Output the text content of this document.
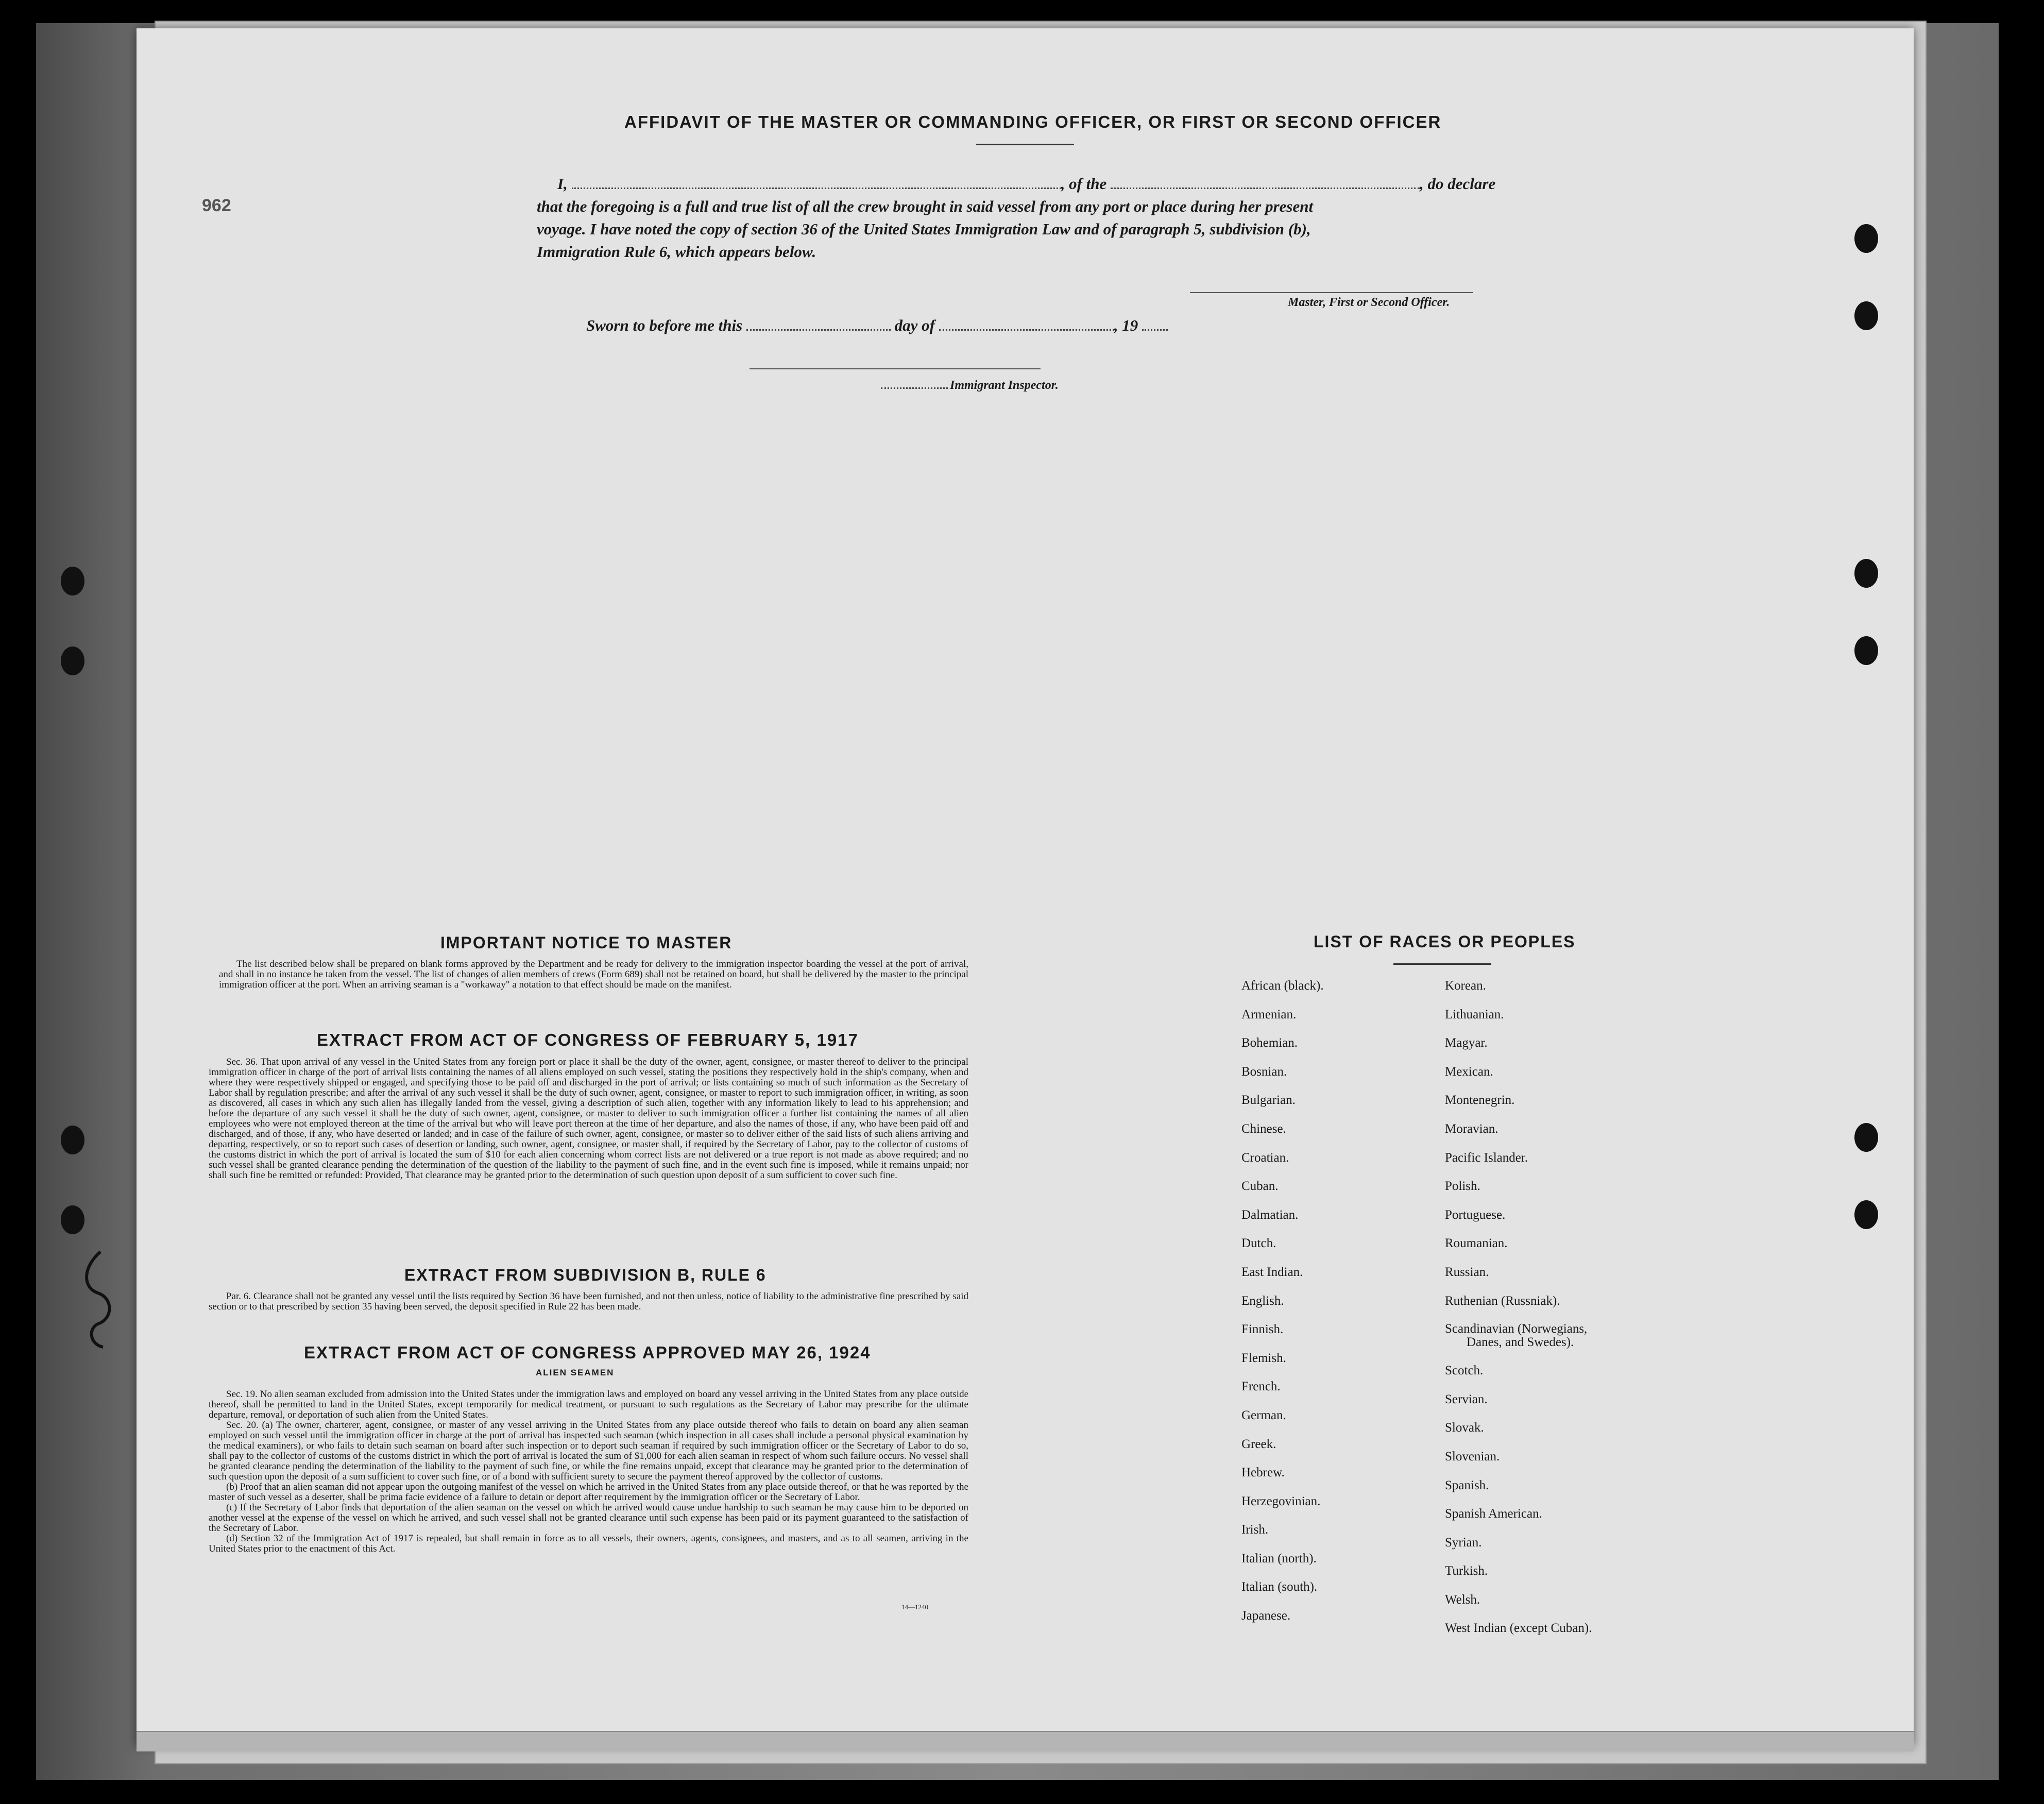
962
AFFIDAVIT OF THE MASTER OR COMMANDING OFFICER, OR FIRST OR SECOND OFFICER
I,	, of the	, do declare
that the foregoing is a full and true list of all the crew brought in said vessel from any port or place during her present
voyage. I have noted the copy of section 36 of the United States Immigration Law and of paragraph 5, subdivision (b),
Immigration Rule 6, which appears below.
Master, First or Second Officer.
Sworn to before me this	day of	, 19
Immigrant Inspector.
IMPORTANT NOTICE TO MASTER

The list described below shall be prepared on blank forms approved by the Department and be ready for delivery to the immigration inspector boarding the vessel at the port of arrival, and shall in no instance be taken from the vessel. The list of changes of alien members of crews (Form 689) shall not be retained on board, but shall be delivered by the master to the principal immigration officer at the port. When an arriving seaman is a "workaway" a notation to that effect should be made on the manifest.

EXTRACT FROM ACT OF CONGRESS OF FEBRUARY 5, 1917

Sec. 36. That upon arrival of any vessel in the United States from any foreign port or place it shall be the duty of the owner, agent, consignee, or master thereof to deliver to the principal immigration officer in charge of the port of arrival lists containing the names of all aliens employed on such vessel, stating the positions they respectively hold in the ship's company, when and where they were respectively shipped or engaged, and specifying those to be paid off and discharged in the port of arrival; or lists containing so much of such information as the Secretary of Labor shall by regulation prescribe; and after the arrival of any such vessel it shall be the duty of such owner, agent, consignee, or master to report to such immigration officer, in writing, as soon as discovered, all cases in which any such alien has illegally landed from the vessel, giving a description of such alien, together with any information likely to lead to his apprehension; and before the departure of any such vessel it shall be the duty of such owner, agent, consignee, or master to deliver to such immigration officer a further list containing the names of all alien employees who were not employed thereon at the time of the arrival but who will leave port thereon at the time of her departure, and also the names of those, if any, who have been paid off and discharged, and of those, if any, who have deserted or landed; and in case of the failure of such owner, agent, consignee, or master so to deliver either of the said lists of such aliens arriving and departing, respectively, or so to report such cases of desertion or landing, such owner, agent, consignee, or master shall, if required by the Secretary of Labor, pay to the collector of customs of the customs district in which the port of arrival is located the sum of $10 for each alien concerning whom correct lists are not delivered or a true report is not made as above required; and no such vessel shall be granted clearance pending the determination of the question of the liability to the payment of such fine, and in the event such fine is imposed, while it remains unpaid; nor shall such fine be remitted or refunded: Provided, That clearance may be granted prior to the determination of such question upon deposit of a sum sufficient to cover such fine.

EXTRACT FROM SUBDIVISION B, RULE 6

Par. 6. Clearance shall not be granted any vessel until the lists required by Section 36 have been furnished, and not then unless, notice of liability to the administrative fine prescribed by said section or to that prescribed by section 35 having been served, the deposit specified in Rule 22 has been made.

EXTRACT FROM ACT OF CONGRESS APPROVED MAY 26, 1924
ALIEN SEAMEN

Sec. 19. No alien seaman excluded from admission into the United States under the immigration laws and employed on board any vessel arriving in the United States from any place outside thereof, shall be permitted to land in the United States, except temporarily for medical treatment, or pursuant to such regulations as the Secretary of Labor may prescribe for the ultimate departure, removal, or deportation of such alien from the United States.

Sec. 20. (a) The owner, charterer, agent, consignee, or master of any vessel arriving in the United States from any place outside thereof who fails to detain on board any alien seaman employed on such vessel until the immigration officer in charge at the port of arrival has inspected such seaman (which inspection in all cases shall include a personal physical examination by the medical examiners), or who fails to detain such seaman on board after such inspection or to deport such seaman if required by such immigration officer or the Secretary of Labor to do so, shall pay to the collector of customs of the customs district in which the port of arrival is located the sum of $1,000 for each alien seaman in respect of whom such failure occurs. No vessel shall be granted clearance pending the determination of the liability to the payment of such fine, or while the fine remains unpaid, except that clearance may be granted prior to the determination of such question upon the deposit of a sum sufficient to cover such fine, or of a bond with sufficient surety to secure the payment thereof approved by the collector of customs.

(b) Proof that an alien seaman did not appear upon the outgoing manifest of the vessel on which he arrived in the United States from any place outside thereof, or that he was reported by the master of such vessel as a deserter, shall be prima facie evidence of a failure to detain or deport after requirement by the immigration officer or the Secretary of Labor.

(c) If the Secretary of Labor finds that deportation of the alien seaman on the vessel on which he arrived would cause undue hardship to such seaman he may cause him to be deported on another vessel at the expense of the vessel on which he arrived, and such vessel shall not be granted clearance until such expense has been paid or its payment guaranteed to the satisfaction of the Secretary of Labor.

(d) Section 32 of the Immigration Act of 1917 is repealed, but shall remain in force as to all vessels, their owners, agents, consignees, and masters, and as to all seamen, arriving in the United States prior to the enactment of this Act.

14—1240
LIST OF RACES OR PEOPLES
African (black).
Armenian.
Bohemian.
Bosnian.
Bulgarian.
Chinese.
Croatian.
Cuban.
Dalmatian.
Dutch.
East Indian.
English.
Finnish.
Flemish.
French.
German.
Greek.
Hebrew.
Herzegovinian.
Irish.
Italian (north).
Italian (south).
Japanese.
Korean.
Lithuanian.
Magyar.
Mexican.
Montenegrin.
Moravian.
Pacific Islander.
Polish.
Portuguese.
Roumanian.
Russian.
Ruthenian (Russniak).
Scandinavian (Norwegians,
Danes, and Swedes).
Scotch.
Servian.
Slovak.
Slovenian.
Spanish.
Spanish American.
Syrian.
Turkish.
Welsh.
West Indian (except Cuban).
